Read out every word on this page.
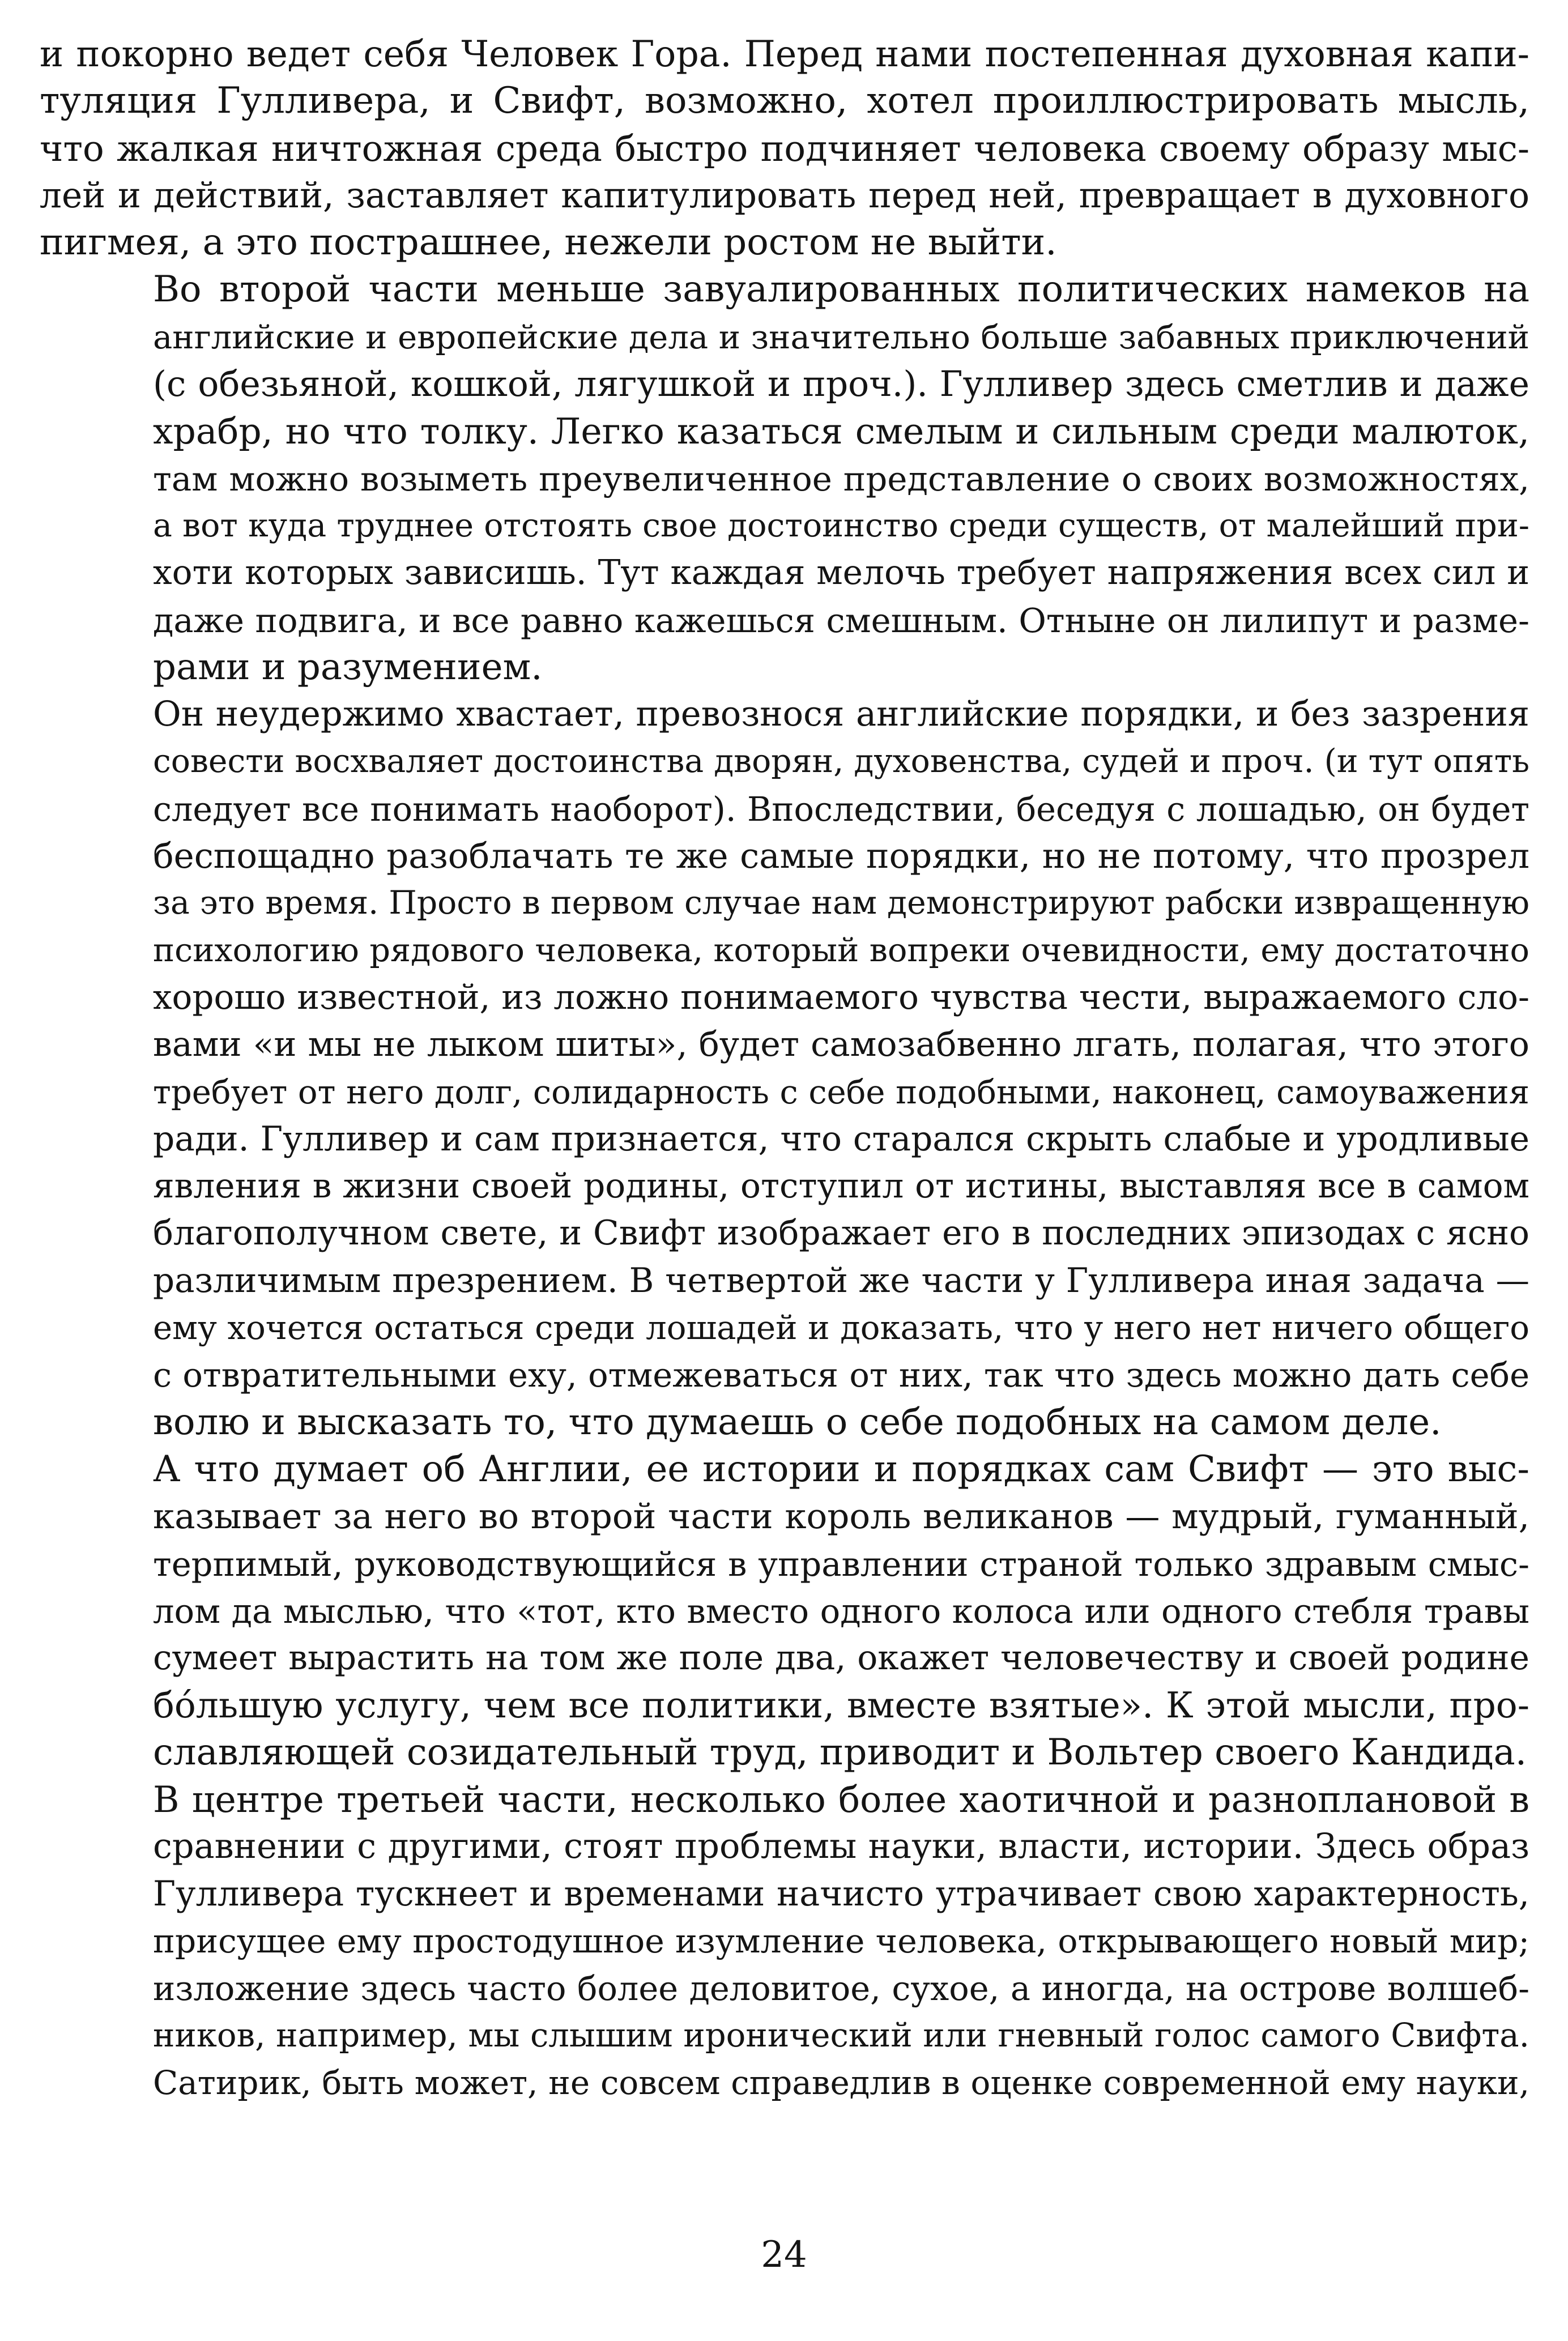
и покорно ведет себя Человек Гора. Перед нами постепенная духовная капи-
туляция Гулливера, и Свифт, возможно, хотел проиллюстрировать мысль,
что жалкая ничтожная среда быстро подчиняет человека своему образу мыс-
лей и действий, заставляет капитулировать перед ней, превращает в духовного
пигмея, а это пострашнее, нежели ростом не выйти.
Во второй части меньше завуалированных политических намеков на
английские и европейские дела и значительно больше забавных приключений
(с обезьяной, кошкой, лягушкой и проч.). Гулливер здесь сметлив и даже
храбр, но что толку. Легко казаться смелым и сильным среди малюток,
там можно возыметь преувеличенное представление о своих возможностях,
а вот куда труднее отстоять свое достоинство среди существ, от малейший при-
хоти которых зависишь. Тут каждая мелочь требует напряжения всех сил и
даже подвига, и все равно кажешься смешным. Отныне он лилипут и разме-
рами и разумением.
Он неудержимо хвастает, превознося английские порядки, и без зазрения
совести восхваляет достоинства дворян, духовенства, судей и проч. (и тут опять
следует все понимать наоборот). Впоследствии, беседуя с лошадью, он будет
беспощадно разоблачать те же самые порядки, но не потому, что прозрел
за это время. Просто в первом случае нам демонстрируют рабски извращенную
психологию рядового человека, который вопреки очевидности, ему достаточно
хорошо известной, из ложно понимаемого чувства чести, выражаемого сло-
вами «и мы не лыком шиты», будет самозабвенно лгать, полагая, что этого
требует от него долг, солидарность с себе подобными, наконец, самоуважения
ради. Гулливер и сам признается, что старался скрыть слабые и уродливые
явления в жизни своей родины, отступил от истины, выставляя все в самом
благополучном свете, и Свифт изображает его в последних эпизодах с ясно
различимым презрением. В четвертой же части у Гулливера иная задача —
ему хочется остаться среди лошадей и доказать, что у него нет ничего общего
с отвратительными еху, отмежеваться от них, так что здесь можно дать себе
волю и высказать то, что думаешь о себе подобных на самом деле.
А что думает об Англии, ее истории и порядках сам Свифт — это выс-
казывает за него во второй части король великанов — мудрый, гуманный,
терпимый, руководствующийся в управлении страной только здравым смыс-
лом да мыслью, что «тот, кто вместо одного колоса или одного стебля травы
сумеет вырастить на том же поле два, окажет человечеству и своей родине
бо́льшую услугу, чем все политики, вместе взятые». К этой мысли, про-
славляющей созидательный труд, приводит и Вольтер своего Кандида.
В центре третьей части, несколько более хаотичной и разноплановой в
сравнении с другими, стоят проблемы науки, власти, истории. Здесь образ
Гулливера тускнеет и временами начисто утрачивает свою характерность,
присущее ему простодушное изумление человека, открывающего новый мир;
изложение здесь часто более деловитое, сухое, а иногда, на острове волшеб-
ников, например, мы слышим иронический или гневный голос самого Свифта.
Сатирик, быть может, не совсем справедлив в оценке современной ему науки,
24
